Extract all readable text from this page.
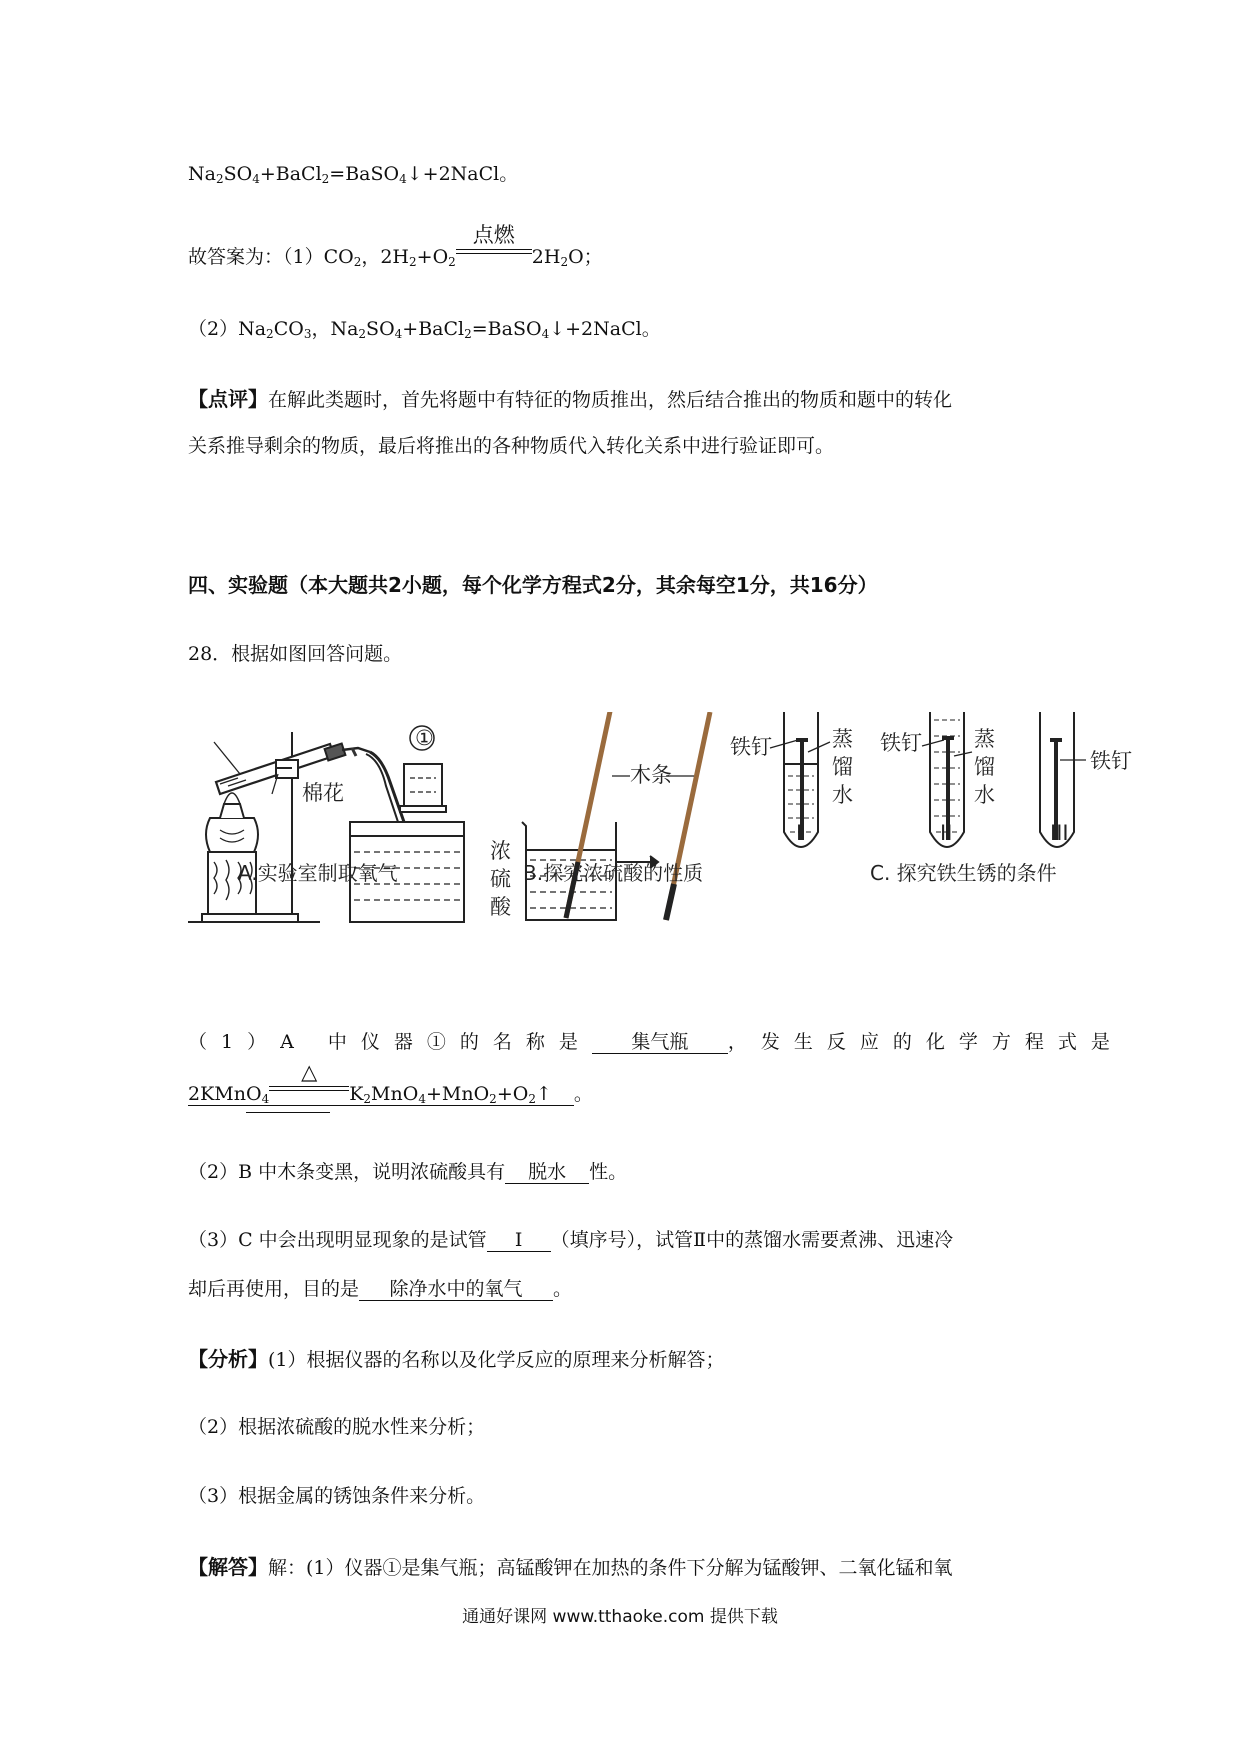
$Na_2SO_4+BaCl_2=BaSO_4↓+2NaCl$。
故答案为：$(1)CO_2$，$2H_2+O_2$
点燃
$2H_2O$；
$(2)Na_2CO_3$，$Na_2SO_4+BaCl_2=BaSO_4↓+2NaCl$。
【点评】在解此类题时，首先将题中有特征的物质推出，然后结合推出的物质和题中的转化
关系推导剩余的物质，最后将推出的各种物质代入转化关系中进行验证即可。
四、实验题（本大题共2小题，每个化学方程式2分，其余每空1分，共16分）
28．根据如图回答问题。
棉花
①
木条
浓
硫
酸
铁钉	蒸
馏
水
铁钉 蒸
馏
水
铁钉
I	II	III
A.实验室制取氧气	B.探究浓硫酸的性质	C. 探究铁生锈的条件
（1）A 中仪器①的名称是 集气瓶 ，发生反应的化学方程式是
2KMnO$_4$
△
$K_2MnO_4+MnO_2+O_2↑$ 。
（2）B 中木条变黑，说明浓硫酸具有 脱水 性。
（3）C 中会出现明显现象的是试管 I （填序号），试管Ⅱ中的蒸馏水需要煮沸、迅速冷
却后再使用，目的是 除净水中的氧气 。
【分析】(1）根据仪器的名称以及化学反应的原理来分析解答；
（2）根据浓硫酸的脱水性来分析；
（3）根据金属的锈蚀条件来分析。
【解答】解：(1）仪器①是集气瓶；高锰酸钾在加热的条件下分解为锰酸钾、二氧化锰和氧
通通好课网 www.tthaoke.com 提供下载
